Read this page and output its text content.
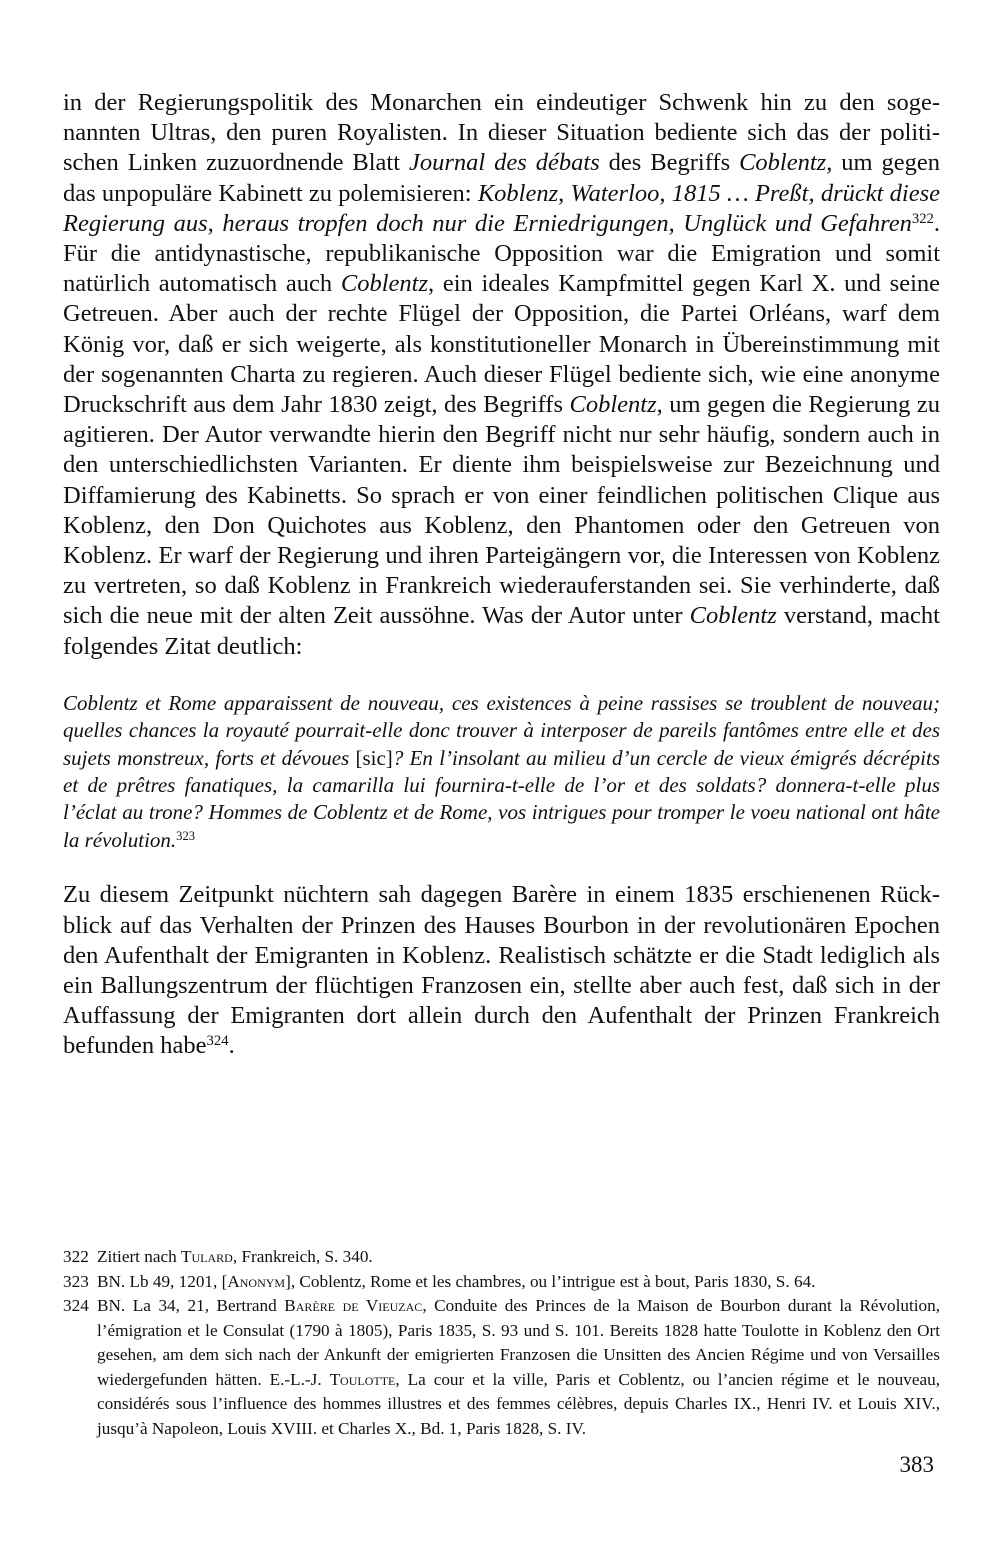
in der Regierungspolitik des Monarchen ein eindeutiger Schwenk hin zu den sogenannten Ultras, den puren Royalisten. In dieser Situation bediente sich das der politischen Linken zuzuordnende Blatt Journal des débats des Begriffs Coblentz, um gegen das unpopuläre Kabinett zu polemisieren: Koblenz, Waterloo, 1815 … Preßt, drückt diese Regierung aus, heraus tropfen doch nur die Erniedrigungen, Unglück und Gefahren$^{322}$. Für die antidynastische, republikanische Opposition war die Emigration und somit natürlich automatisch auch Coblentz, ein ideales Kampfmittel gegen Karl X. und seine Getreuen. Aber auch der rechte Flügel der Opposition, die Partei Orléans, warf dem König vor, daß er sich weigerte, als konstitutioneller Monarch in Übereinstimmung mit der sogenannten Charta zu regieren. Auch dieser Flügel bediente sich, wie eine anonyme Druckschrift aus dem Jahr 1830 zeigt, des Begriffs Coblentz, um gegen die Regierung zu agitieren. Der Autor verwandte hierin den Begriff nicht nur sehr häufig, sondern auch in den unterschiedlichsten Varianten. Er diente ihm beispielsweise zur Bezeichnung und Diffamierung des Kabinetts. So sprach er von einer feindlichen politischen Clique aus Koblenz, den Don Quichotes aus Koblenz, den Phantomen oder den Getreuen von Koblenz. Er warf der Regierung und ihren Parteigängern vor, die Interessen von Koblenz zu vertreten, so daß Koblenz in Frankreich wiederauferstanden sei. Sie verhinderte, daß sich die neue mit der alten Zeit aussöhne. Was der Autor unter Coblentz verstand, macht folgendes Zitat deutlich:

Coblentz et Rome apparaissent de nouveau, ces existences à peine rassises se troublent de nouveau; quelles chances la royauté pourrait-elle donc trouver à interposer de pareils fantômes entre elle et des sujets monstreux, forts et dévoues [sic]? En l’insolant au milieu d’un cercle de vieux émigrés décrépits et de prêtres fanatiques, la camarilla lui fournira-t-elle de l’or et des soldats? donnera-t-elle plus l’éclat au trone? Hommes de Coblentz et de Rome, vos intrigues pour tromper le voeu national ont hâte la révolution.$^{323}$

Zu diesem Zeitpunkt nüchtern sah dagegen Barère in einem 1835 erschienenen Rückblick auf das Verhalten der Prinzen des Hauses Bourbon in der revolutionären Epochen den Aufenthalt der Emigranten in Koblenz. Realistisch schätzte er die Stadt lediglich als ein Ballungszentrum der flüchtigen Franzosen ein, stellte aber auch fest, daß sich in der Auffassung der Emigranten dort allein durch den Aufenthalt der Prinzen Frankreich befunden habe$^{324}$.

322 Zitiert nach Tulard, Frankreich, S. 340.
323 BN. Lb 49, 1201, [Anonym], Coblentz, Rome et les chambres, ou l’intrigue est à bout, Paris 1830, S. 64.
324 BN. La 34, 21, Bertrand Barère de Vieuzac, Conduite des Princes de la Maison de Bourbon durant la Révolution, l’émigration et le Consulat (1790 à 1805), Paris 1835, S. 93 und S. 101. Bereits 1828 hatte Toulotte in Koblenz den Ort gesehen, am dem sich nach der Ankunft der emigrierten Franzosen die Unsitten des Ancien Régime und von Versailles wiedergefunden hätten. E.-L.-J. Toulotte, La cour et la ville, Paris et Coblentz, ou l’ancien régime et le nouveau, considérés sous l’influence des hommes illustres et des femmes célèbres, depuis Charles IX., Henri IV. et Louis XIV., jusqu’à Napoleon, Louis XVIII. et Charles X., Bd. 1, Paris 1828, S. IV.
383
